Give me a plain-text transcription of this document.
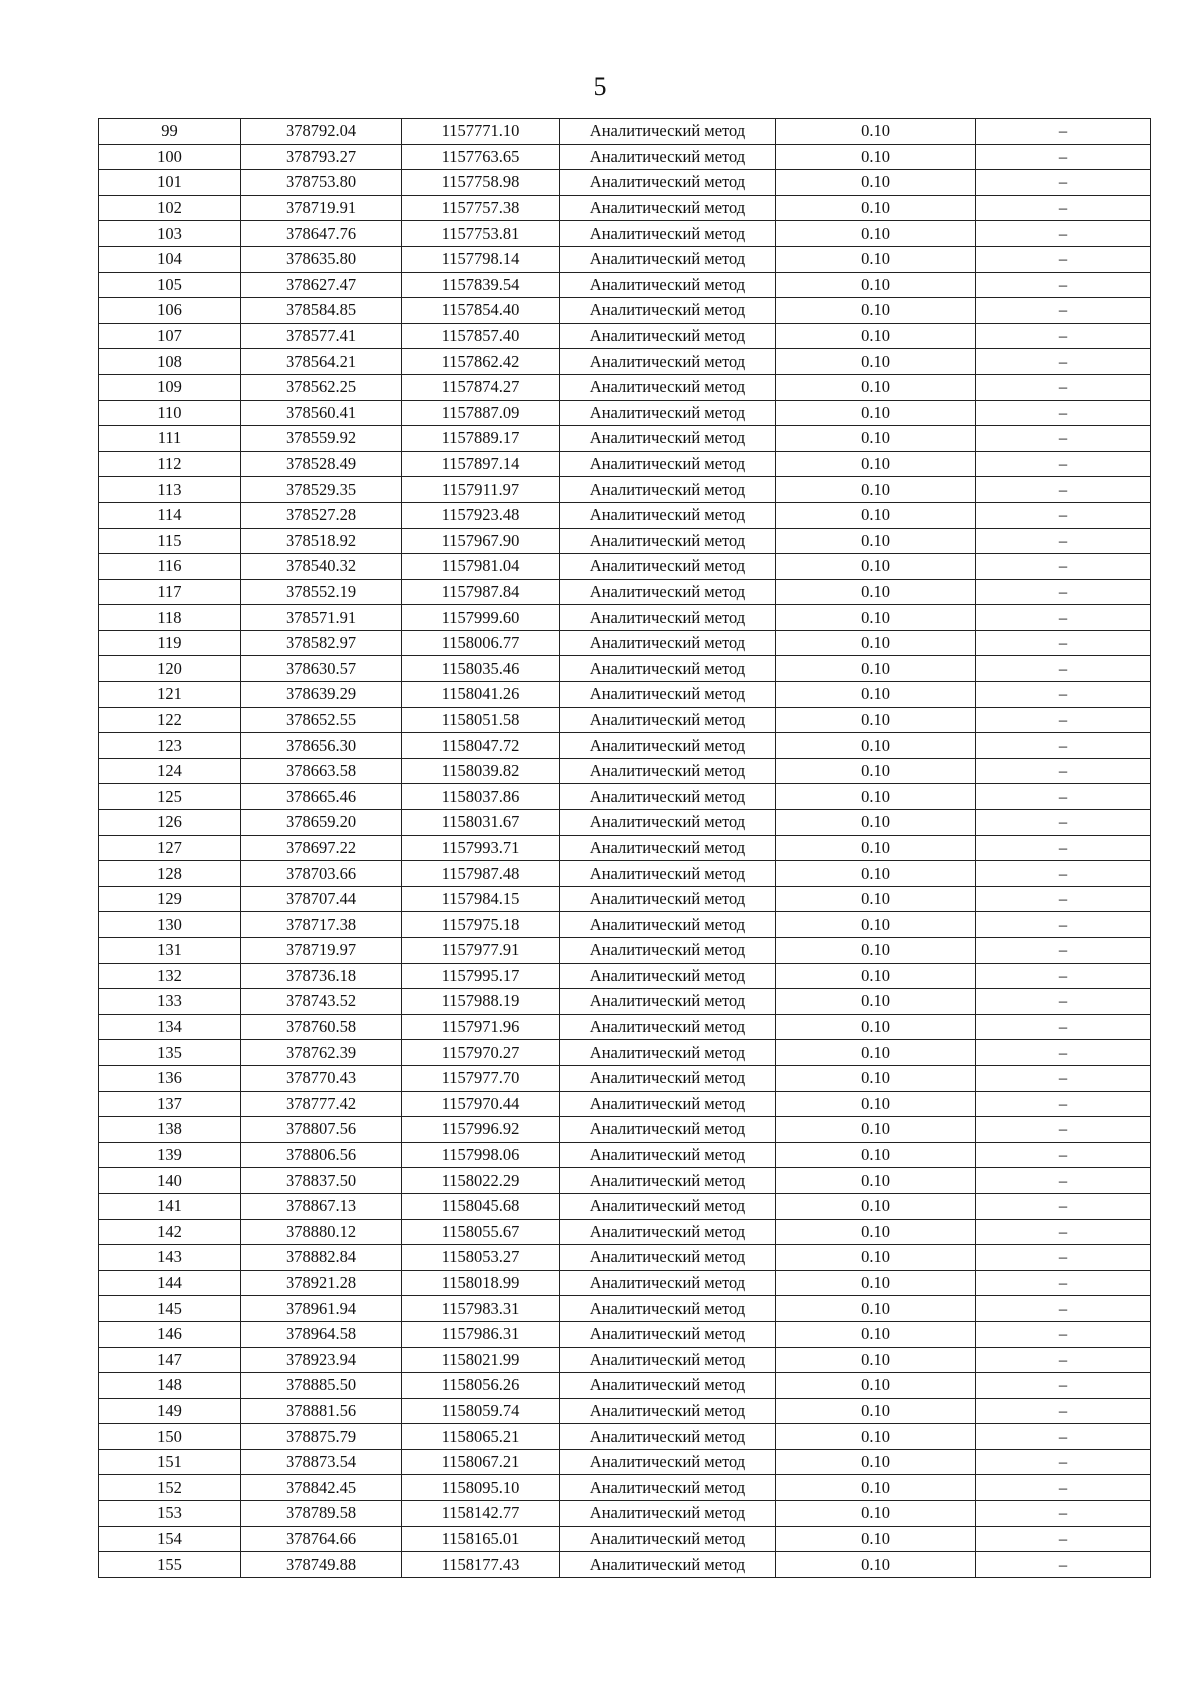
5
99	378792.04	1157771.10	Аналитический метод	0.10	–
100	378793.27	1157763.65	Аналитический метод	0.10	–
101	378753.80	1157758.98	Аналитический метод	0.10	–
102	378719.91	1157757.38	Аналитический метод	0.10	–
103	378647.76	1157753.81	Аналитический метод	0.10	–
104	378635.80	1157798.14	Аналитический метод	0.10	–
105	378627.47	1157839.54	Аналитический метод	0.10	–
106	378584.85	1157854.40	Аналитический метод	0.10	–
107	378577.41	1157857.40	Аналитический метод	0.10	–
108	378564.21	1157862.42	Аналитический метод	0.10	–
109	378562.25	1157874.27	Аналитический метод	0.10	–
110	378560.41	1157887.09	Аналитический метод	0.10	–
111	378559.92	1157889.17	Аналитический метод	0.10	–
112	378528.49	1157897.14	Аналитический метод	0.10	–
113	378529.35	1157911.97	Аналитический метод	0.10	–
114	378527.28	1157923.48	Аналитический метод	0.10	–
115	378518.92	1157967.90	Аналитический метод	0.10	–
116	378540.32	1157981.04	Аналитический метод	0.10	–
117	378552.19	1157987.84	Аналитический метод	0.10	–
118	378571.91	1157999.60	Аналитический метод	0.10	–
119	378582.97	1158006.77	Аналитический метод	0.10	–
120	378630.57	1158035.46	Аналитический метод	0.10	–
121	378639.29	1158041.26	Аналитический метод	0.10	–
122	378652.55	1158051.58	Аналитический метод	0.10	–
123	378656.30	1158047.72	Аналитический метод	0.10	–
124	378663.58	1158039.82	Аналитический метод	0.10	–
125	378665.46	1158037.86	Аналитический метод	0.10	–
126	378659.20	1158031.67	Аналитический метод	0.10	–
127	378697.22	1157993.71	Аналитический метод	0.10	–
128	378703.66	1157987.48	Аналитический метод	0.10	–
129	378707.44	1157984.15	Аналитический метод	0.10	–
130	378717.38	1157975.18	Аналитический метод	0.10	–
131	378719.97	1157977.91	Аналитический метод	0.10	–
132	378736.18	1157995.17	Аналитический метод	0.10	–
133	378743.52	1157988.19	Аналитический метод	0.10	–
134	378760.58	1157971.96	Аналитический метод	0.10	–
135	378762.39	1157970.27	Аналитический метод	0.10	–
136	378770.43	1157977.70	Аналитический метод	0.10	–
137	378777.42	1157970.44	Аналитический метод	0.10	–
138	378807.56	1157996.92	Аналитический метод	0.10	–
139	378806.56	1157998.06	Аналитический метод	0.10	–
140	378837.50	1158022.29	Аналитический метод	0.10	–
141	378867.13	1158045.68	Аналитический метод	0.10	–
142	378880.12	1158055.67	Аналитический метод	0.10	–
143	378882.84	1158053.27	Аналитический метод	0.10	–
144	378921.28	1158018.99	Аналитический метод	0.10	–
145	378961.94	1157983.31	Аналитический метод	0.10	–
146	378964.58	1157986.31	Аналитический метод	0.10	–
147	378923.94	1158021.99	Аналитический метод	0.10	–
148	378885.50	1158056.26	Аналитический метод	0.10	–
149	378881.56	1158059.74	Аналитический метод	0.10	–
150	378875.79	1158065.21	Аналитический метод	0.10	–
151	378873.54	1158067.21	Аналитический метод	0.10	–
152	378842.45	1158095.10	Аналитический метод	0.10	–
153	378789.58	1158142.77	Аналитический метод	0.10	–
154	378764.66	1158165.01	Аналитический метод	0.10	–
155	378749.88	1158177.43	Аналитический метод	0.10	–
